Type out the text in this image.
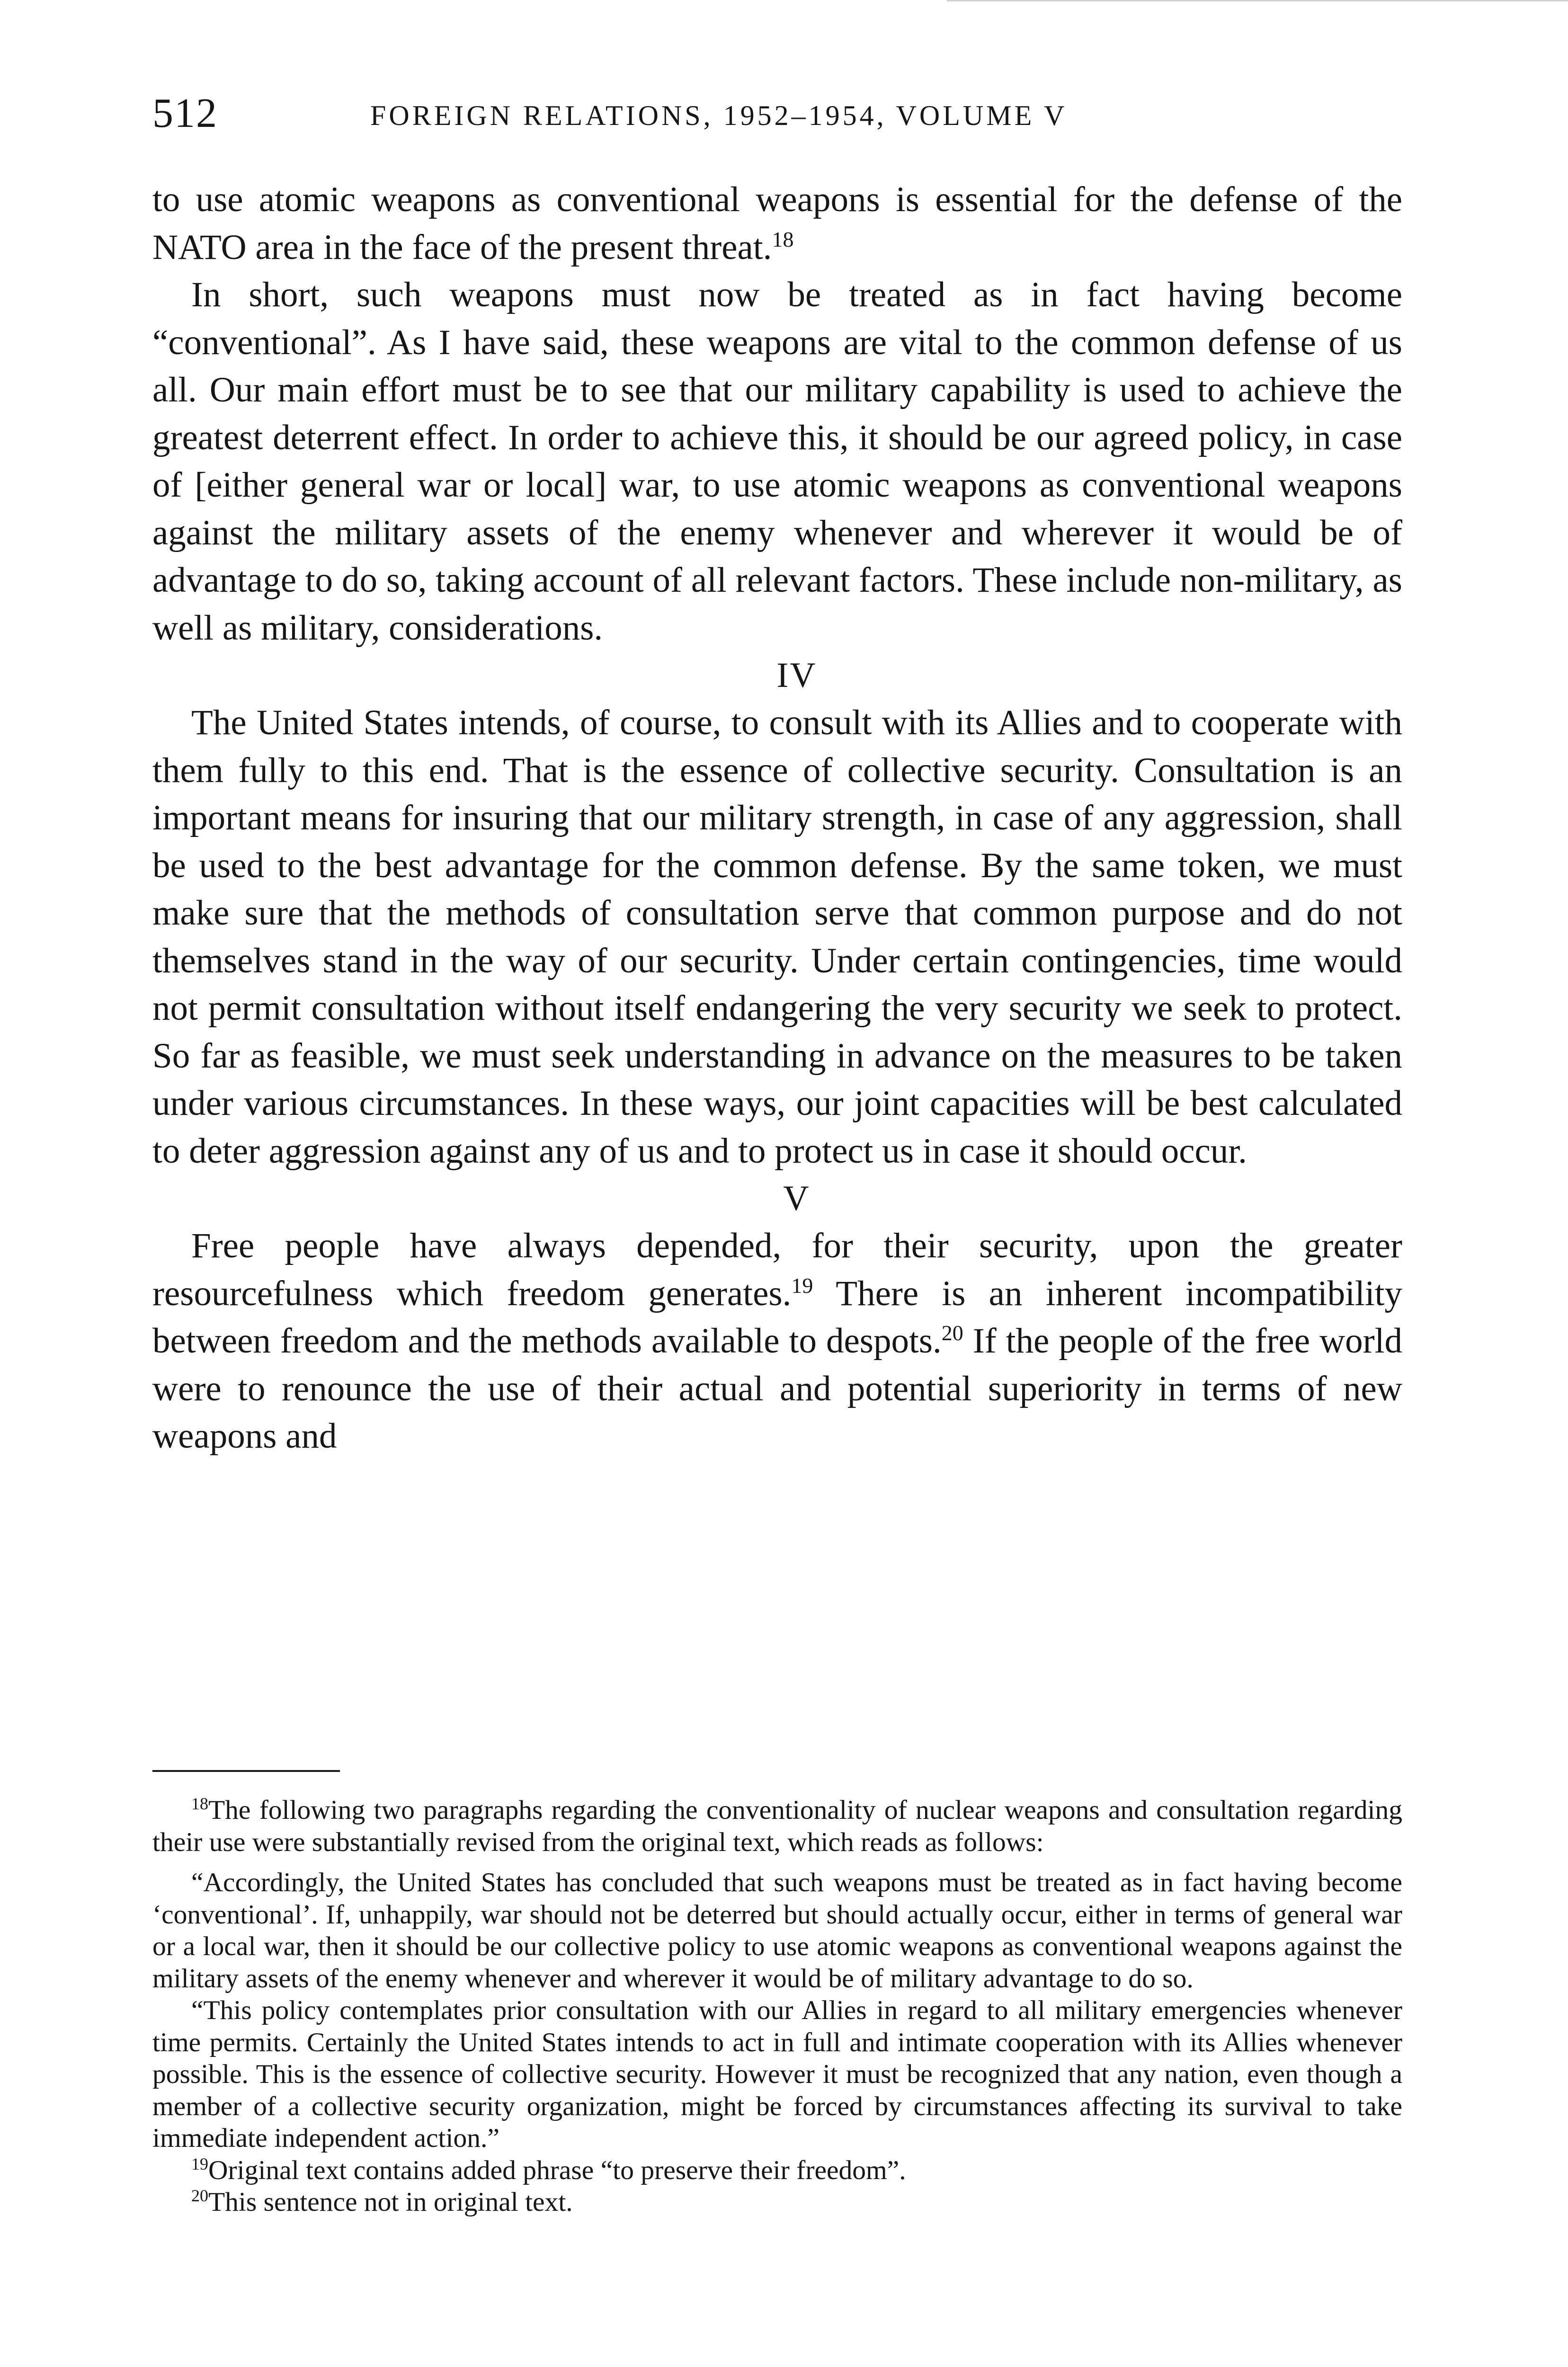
512	FOREIGN RELATIONS, 1952–1954, VOLUME V

to use atomic weapons as conventional weapons is essential for the defense of the NATO area in the face of the present threat.$^{18}$

In short, such weapons must now be treated as in fact having become “conventional”. As I have said, these weapons are vital to the common defense of us all. Our main effort must be to see that our military capability is used to achieve the greatest deterrent effect. In order to achieve this, it should be our agreed policy, in case of [either general war or local] war, to use atomic weapons as conventional weapons against the military assets of the enemy whenever and wherever it would be of advantage to do so, taking account of all relevant factors. These include non-military, as well as military, considerations.

IV

The United States intends, of course, to consult with its Allies and to cooperate with them fully to this end. That is the essence of collective security. Consultation is an important means for insuring that our military strength, in case of any aggression, shall be used to the best advantage for the common defense. By the same token, we must make sure that the methods of consultation serve that common purpose and do not themselves stand in the way of our security. Under certain contingencies, time would not permit consultation without itself endangering the very security we seek to protect. So far as feasible, we must seek understanding in advance on the measures to be taken under various circumstances. In these ways, our joint capacities will be best calculated to deter aggression against any of us and to protect us in case it should occur.

V

Free people have always depended, for their security, upon the greater resourcefulness which freedom generates.$^{19}$ There is an inherent incompatibility between freedom and the methods available to despots.$^{20}$ If the people of the free world were to renounce the use of their actual and potential superiority in terms of new weapons and

$^{18}$The following two paragraphs regarding the conventionality of nuclear weapons and consultation regarding their use were substantially revised from the original text, which reads as follows:

“Accordingly, the United States has concluded that such weapons must be treated as in fact having become ‘conventional’. If, unhappily, war should not be deterred but should actually occur, either in terms of general war or a local war, then it should be our collective policy to use atomic weapons as conventional weapons against the military assets of the enemy whenever and wherever it would be of military advantage to do so.

“This policy contemplates prior consultation with our Allies in regard to all military emergencies whenever time permits. Certainly the United States intends to act in full and intimate cooperation with its Allies whenever possible. This is the essence of collective security. However it must be recognized that any nation, even though a member of a collective security organization, might be forced by circumstances affecting its survival to take immediate independent action.”

$^{19}$Original text contains added phrase “to preserve their freedom”.

$^{20}$This sentence not in original text.
